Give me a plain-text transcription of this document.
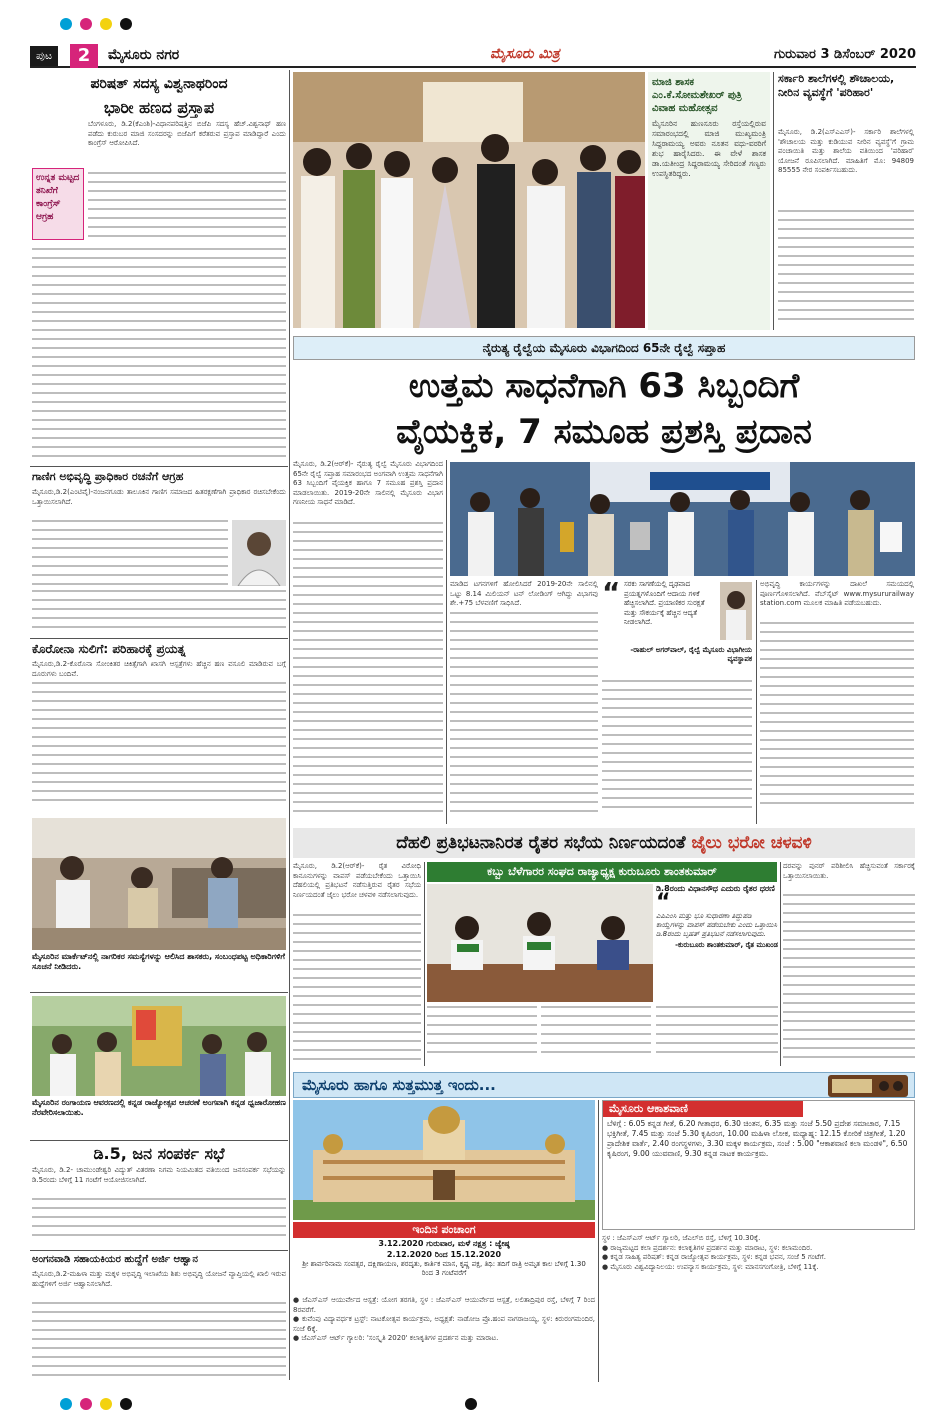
ಪುಟ	2	ಮೈಸೂರು ನಗರ	ಮೈಸೂರು ಮಿತ್ರ	ಗುರುವಾರ 3 ಡಿಸೆಂಬರ್ 2020
ಪರಿಷತ್ ಸದಸ್ಯ ವಿಶ್ವನಾಥರಿಂದ
ಭಾರೀ ಹಣದ ಪ್ರಸ್ತಾಪ
ಬೆಂಗಳೂರು, ಡಿ.2(ಕೆಎಂಶಿ)-ವಿಧಾನಪರಿಷತ್ತಿನ ಬಿಜೆಪಿ ಸದಸ್ಯ ಹೆಚ್.ವಿಶ್ವನಾಥ್ ಹಣ ಪಡೆದು ಕುರುಬರ ಮಾಜಿ ಸಂಸದರನ್ನು ಬಿಜೆಪಿಗೆ ಕರೆತರುವ ಪ್ರಸ್ತಾಪ ಮಾಡಿದ್ದಾರೆ ಎಂದು ಕಾಂಗ್ರೆಸ್ ಆರೋಪಿಸಿದೆ.
ಉನ್ನತ ಮಟ್ಟದ ತನಿಖೆಗೆ ಕಾಂಗ್ರೆಸ್ ಆಗ್ರಹ
ಗಾಣಿಗ ಅಭಿವೃದ್ಧಿ ಪ್ರಾಧಿಕಾರ ರಚನೆಗೆ ಆಗ್ರಹ
ಮೈಸೂರು,ಡಿ.2(ಎಂಟಿವೈ)-ನಂಜನಗೂಡು ತಾಲೂಕಿನ ಗಾಣಿಗ ಸಮಾಜದ ಹಿತರಕ್ಷಣೆಗಾಗಿ ಪ್ರಾಧಿಕಾರ ರಚಿಸಬೇಕೆಂದು ಒತ್ತಾಯಿಸಲಾಗಿದೆ.
ಕೊರೋನಾ ಸುಲಿಗೆ: ಪರಿಹಾರಕ್ಕೆ ಪ್ರಯತ್ನ
ಮೈಸೂರು,ಡಿ.2-ಕೊರೊನಾ ಸೋಂಕಿತರ ಚಿಕಿತ್ಸೆಗಾಗಿ ಖಾಸಗಿ ಆಸ್ಪತ್ರೆಗಳು ಹೆಚ್ಚಿನ ಹಣ ವಸೂಲಿ ಮಾಡಿರುವ ಬಗ್ಗೆ ದೂರುಗಳು ಬಂದಿವೆ.
ಮೈಸೂರಿನ ಮಾರ್ಕೆಟ್‌ನಲ್ಲಿ ನಾಗರಿಕರ ಸಮಸ್ಯೆಗಳನ್ನು ಆಲಿಸಿದ ಶಾಸಕರು, ಸಂಬಂಧಪಟ್ಟ ಅಧಿಕಾರಿಗಳಿಗೆ ಸೂಚನೆ ನೀಡಿದರು.
ಮೈಸೂರಿನ ರಂಗಾಯಣ ಆವರಣದಲ್ಲಿ ಕನ್ನಡ ರಾಜ್ಯೋತ್ಸವ ಆಚರಣೆ ಅಂಗವಾಗಿ ಕನ್ನಡ ಧ್ವಜಾರೋಹಣ ನೆರವೇರಿಸಲಾಯಿತು.
ಡಿ.5, ಜನ ಸಂಪರ್ಕ ಸಭೆ
ಮೈಸೂರು, ಡಿ.2- ಚಾಮುಂಡೇಶ್ವರಿ ವಿದ್ಯುತ್ ವಿತರಣಾ ನಿಗಮ ನಿಯಮಿತದ ವತಿಯಿಂದ ಜನಸಂಪರ್ಕ ಸಭೆಯನ್ನು ಡಿ.5ರಂದು ಬೆಳಿಗ್ಗೆ 11 ಗಂಟೆಗೆ ಆಯೋಜಿಸಲಾಗಿದೆ.
ಅಂಗನವಾಡಿ ಸಹಾಯಕಿಯರ ಹುದ್ದೆಗೆ ಅರ್ಜಿ ಆಹ್ವಾನ
ಮೈಸೂರು,ಡಿ.2-ಮಹಿಳಾ ಮತ್ತು ಮಕ್ಕಳ ಅಭಿವೃದ್ಧಿ ಇಲಾಖೆಯ ಶಿಶು ಅಭಿವೃದ್ಧಿ ಯೋಜನೆ ವ್ಯಾಪ್ತಿಯಲ್ಲಿ ಖಾಲಿ ಇರುವ ಹುದ್ದೆಗಳಿಗೆ ಅರ್ಜಿ ಆಹ್ವಾನಿಸಲಾಗಿದೆ.
ಮಾಜಿ ಶಾಸಕ ಎಂ.ಕೆ.ಸೋಮಶೇಖರ್ ಪುತ್ರಿ ವಿವಾಹ ಮಹೋತ್ಸವ
ಮೈಸೂರಿನ ಹುಣಸೂರು ರಸ್ತೆಯಲ್ಲಿರುವ ಸಮಾರಂಭದಲ್ಲಿ ಮಾಜಿ ಮುಖ್ಯಮಂತ್ರಿ ಸಿದ್ದರಾಮಯ್ಯ ಅವರು ನೂತನ ವಧು-ವರರಿಗೆ ಶುಭ ಹಾರೈಸಿದರು. ಈ ವೇಳೆ ಶಾಸಕ ಡಾ.ಯತೀಂದ್ರ ಸಿದ್ದರಾಮಯ್ಯ ಸೇರಿದಂತೆ ಗಣ್ಯರು ಉಪಸ್ಥಿತರಿದ್ದರು.
ಸರ್ಕಾರಿ ಶಾಲೆಗಳಲ್ಲಿ ಶೌಚಾಲಯ, ನೀರಿನ ವ್ಯವಸ್ಥೆಗೆ 'ಪರಿಹಾರ'
ಮೈಸೂರು, ಡಿ.2(ಎಸ್‌ಎಎಸ್)- ಸರ್ಕಾರಿ ಶಾಲೆಗಳಲ್ಲಿ 'ಶೌಚಾಲಯ ಮತ್ತು ಕುಡಿಯುವ ನೀರಿನ ವ್ಯವಸ್ಥೆ'ಗೆ ಗ್ರಾಮ ಪಂಚಾಯಿತಿ ಮತ್ತು ಶಾಲೆಯ ವತಿಯಿಂದ 'ಪರಿಹಾರ' ಯೋಜನೆ ರೂಪಿಸಲಾಗಿದೆ. ಮಾಹಿತಿಗೆ ಮೊ: 94809 85555 ನೇರ ಸಂಪರ್ಕಿಸಬಹುದು.
ನೈರುತ್ಯ ರೈಲ್ವೆಯ ಮೈಸೂರು ವಿಭಾಗದಿಂದ 65ನೇ ರೈಲ್ವೆ ಸಪ್ತಾಹ
ಉತ್ತಮ ಸಾಧನೆಗಾಗಿ 63 ಸಿಬ್ಬಂದಿಗೆ
ವೈಯಕ್ತಿಕ, 7 ಸಮೂಹ ಪ್ರಶಸ್ತಿ ಪ್ರದಾನ
ಮೈಸೂರು, ಡಿ.2(ಆರ್‌ಕೆ)- ನೈರುತ್ಯ ರೈಲ್ವೆ ಮೈಸೂರು ವಿಭಾಗದಿಂದ 65ನೇ ರೈಲ್ವೆ ಸಪ್ತಾಹ ಸಮಾರಂಭದ ಅಂಗವಾಗಿ ಉತ್ತಮ ಸಾಧನೆಗಾಗಿ 63 ಸಿಬ್ಬಂದಿಗೆ ವೈಯಕ್ತಿಕ ಹಾಗೂ 7 ಸಮೂಹ ಪ್ರಶಸ್ತಿ ಪ್ರದಾನ ಮಾಡಲಾಯಿತು. 2019-20ನೇ ಸಾಲಿನಲ್ಲಿ ಮೈಸೂರು ವಿಭಾಗ ಗಣನೀಯ ಸಾಧನೆ ಮಾಡಿದೆ.
ಮಾಡಿದ ಟಗನಗಳಿಗೆ ಹೋಲಿಸಿದರೆ 2019-20ನೇ ಸಾಲಿನಲ್ಲಿ ಒಟ್ಟು 8.14 ಮಿಲಿಯನ್ ಟನ್ ಲೋಡಿಂಗ್ ಆಗಿದ್ದು ವಿಭಾಗವು ಶೇ.+75 ಬೆಳವಣಿಗೆ ಸಾಧಿಸಿದೆ.	“ ಸರಕು ಸಾಗಣೆಯಲ್ಲಿ ದೃಢವಾದ ಪ್ರಯತ್ನಗಳೊಂದಿಗೆ ಆದಾಯ ಗಳಿಕೆ ಹೆಚ್ಚಿಸಲಾಗಿದೆ. ಪ್ರಯಾಣಿಕರ ಸುರಕ್ಷತೆ ಮತ್ತು ಸೌಕರ್ಯಕ್ಕೆ ಹೆಚ್ಚಿನ ಆದ್ಯತೆ ನೀಡಲಾಗಿದೆ.
-ರಾಹುಲ್ ಅಗರ್‌ವಾಲ್, ರೈಲ್ವೆ ಮೈಸೂರು ವಿಭಾಗೀಯ ವ್ಯವಸ್ಥಾಪಕ
ಅಭಿವೃದ್ಧಿ ಕಾರ್ಯಗಳನ್ನು ದಾಖಲೆ ಸಮಯದಲ್ಲಿ ಪೂರ್ಣಗೊಳಿಸಲಾಗಿದೆ. ವೆಬ್‌ಸೈಟ್ www.mysururailway station.com ಮೂಲಕ ಮಾಹಿತಿ ಪಡೆಯಬಹುದು.
ದೆಹಲಿ ಪ್ರತಿಭಟನಾನಿರತ ರೈತರ ಸಭೆಯ ನಿರ್ಣಯದಂತೆ ಜೈಲು ಭರೋ ಚಳವಳಿ
ಮೈಸೂರು, ಡಿ.2(ಆರ್‌ಕೆ)- ರೈತ ವಿರೋಧಿ ಕಾನೂನುಗಳನ್ನು ವಾಪಸ್ ಪಡೆಯಬೇಕೆಂದು ಒತ್ತಾಯಿಸಿ ದೆಹಲಿಯಲ್ಲಿ ಪ್ರತಿಭಟನೆ ನಡೆಸುತ್ತಿರುವ ರೈತರ ಸಭೆಯ ನಿರ್ಣಯದಂತೆ ಜೈಲು ಭರೋ ಚಳವಳಿ ನಡೆಸಲಾಗುವುದು.
ಕಬ್ಬು ಬೆಳೆಗಾರರ ಸಂಘದ ರಾಜ್ಯಾಧ್ಯಕ್ಷ ಕುರುಬೂರು ಶಾಂತಕುಮಾರ್
ಡಿ.8ರಂದು ವಿಧಾನಸೌಧ ಎದುರು ರೈತರ ಧರಣಿ
“
ಎಪಿಎಂಸಿ ಮತ್ತು ಭೂ ಸುಧಾರಣಾ ತಿದ್ದುಪಡಿ ಕಾಯ್ದೆಗಳನ್ನು ವಾಪಸ್ ಪಡೆಯಬೇಕು ಎಂದು ಒತ್ತಾಯಿಸಿ ಡಿ.8ರಂದು ಬೃಹತ್ ಪ್ರತಿಭಟನೆ ನಡೆಸಲಾಗುವುದು.
-ಕುರುಬೂರು ಶಾಂತಕುಮಾರ್, ರೈತ ಮುಖಂಡ
ದರವನ್ನು ಪುನರ್ ಪರಿಶೀಲಿಸಿ ಹೆಚ್ಚಿಸುವಂತೆ ಸರ್ಕಾರಕ್ಕೆ ಒತ್ತಾಯಿಸಲಾಯಿತು.
ಮೈಸೂರು ಹಾಗೂ ಸುತ್ತಮುತ್ತ ಇಂದು...
ಇಂದಿನ ಪಂಚಾಂಗ
3.12.2020 ಗುರುವಾರ, ಮಳೆ ನಕ್ಷತ್ರ : ಜ್ಯೇಷ್ಠ
2.12.2020 ರಿಂದ 15.12.2020
ಶ್ರೀ ಶಾರ್ವರಿನಾಮ ಸಂವತ್ಸರ, ದಕ್ಷಿಣಾಯಣ, ಶರದೃತು, ಕಾರ್ತಿಕ ಮಾಸ, ಕೃಷ್ಣ ಪಕ್ಷ, ತಿಥಿ: ತದಿಗೆ ರಾತ್ರಿ ಅಮೃತ ಕಾಲ ಬೆಳಿಗ್ಗೆ 1.30 ರಿಂದ 3 ಗಂಟೆವರೆಗೆ
● ಜೆಎಸ್‌ಎಸ್ ಆಯುರ್ವೇದ ಆಸ್ಪತ್ರೆ: ಯೋಗ ತರಗತಿ, ಸ್ಥಳ : ಜೆಎಸ್‌ಎಸ್ ಆಯುರ್ವೇದ ಆಸ್ಪತ್ರೆ, ಲಲಿತಾದ್ರಿಪುರ ರಸ್ತೆ, ಬೆಳಿಗ್ಗೆ 7 ರಿಂದ 8ರವರೆಗೆ.
● ಕುವೆಂಪು ವಿದ್ಯಾವರ್ಧಕ ಟ್ರಸ್ಟ್: ನಾಟಕೋತ್ಸವ ಕಾರ್ಯಕ್ರಮ, ಅಧ್ಯಕ್ಷತೆ: ನಾಡೋಜ ಪ್ರೊ.ಹಂಪ ನಾಗರಾಜಯ್ಯ, ಸ್ಥಳ: ಕಿರುರಂಗಮಂದಿರ, ಸಂಜೆ 6ಕ್ಕೆ.
● ಜೆಎಸ್‌ಎಸ್ ಆರ್ಟ್ ಗ್ಯಾಲರಿ: 'ಸಂಸ್ಕೃತಿ 2020' ಕಲಾಕೃತಿಗಳ ಪ್ರದರ್ಶನ ಮತ್ತು ಮಾರಾಟ.
ಮೈಸೂರು ಆಕಾಶವಾಣಿ
ಬೆಳಿಗ್ಗೆ : 6.05 ಕನ್ನಡ ಗೀತೆ, 6.20 ಗೀತಾಧರ, 6.30 ಚಿಂತನ, 6.35 ಮತ್ತು ಸಂಜೆ 5.50 ಪ್ರದೇಶ ಸಮಾಚಾರ, 7.15 ಭಕ್ತಿಗೀತೆ, 7.45 ಮತ್ತು ಸಂಜೆ 5.30 ಕೃಷಿರಂಗ, 10.00 ಮಹಿಳಾ ಲೋಕ, ಮಧ್ಯಾಹ್ನ: 12.15 ಕೋರಿಕೆ ಚಿತ್ರಗೀತೆ, 1.20 ಪ್ರಾದೇಶಿಕ ವಾರ್ತೆ, 2.40 ರಂಗಸ್ಥಳಗಳು, 3.30 ಮಕ್ಕಳ ಕಾರ್ಯಕ್ರಮ, ಸಂಜೆ : 5.00 "ಆಕಾಶವಾಣಿ ಕಲಾ ಮಂಡಳಿ", 6.50 ಕೃಷಿರಂಗ, 9.00 ಯುವವಾಣಿ, 9.30 ಕನ್ನಡ ನಾಟಕ ಕಾರ್ಯಕ್ರಮ.
ಸ್ಥಳ : ಜೆಎಸ್‌ಎಸ್ ಆರ್ಟ್ ಗ್ಯಾಲರಿ, ಜೆಎಲ್‌ಬಿ ರಸ್ತೆ, ಬೆಳಿಗ್ಗೆ 10.30ಕ್ಕೆ.
● ರಾಜ್ಯಮಟ್ಟದ ಕಲಾ ಪ್ರದರ್ಶನ: ಕಲಾಕೃತಿಗಳ ಪ್ರದರ್ಶನ ಮತ್ತು ಮಾರಾಟ, ಸ್ಥಳ: ಕಲಾಮಂದಿರ.
● ಕನ್ನಡ ಸಾಹಿತ್ಯ ಪರಿಷತ್: ಕನ್ನಡ ರಾಜ್ಯೋತ್ಸವ ಕಾರ್ಯಕ್ರಮ, ಸ್ಥಳ: ಕನ್ನಡ ಭವನ, ಸಂಜೆ 5 ಗಂಟೆಗೆ.
● ಮೈಸೂರು ವಿಶ್ವವಿದ್ಯಾನಿಲಯ: ಉಪನ್ಯಾಸ ಕಾರ್ಯಕ್ರಮ, ಸ್ಥಳ: ಮಾನಸಗಂಗೋತ್ರಿ, ಬೆಳಿಗ್ಗೆ 11ಕ್ಕೆ.
